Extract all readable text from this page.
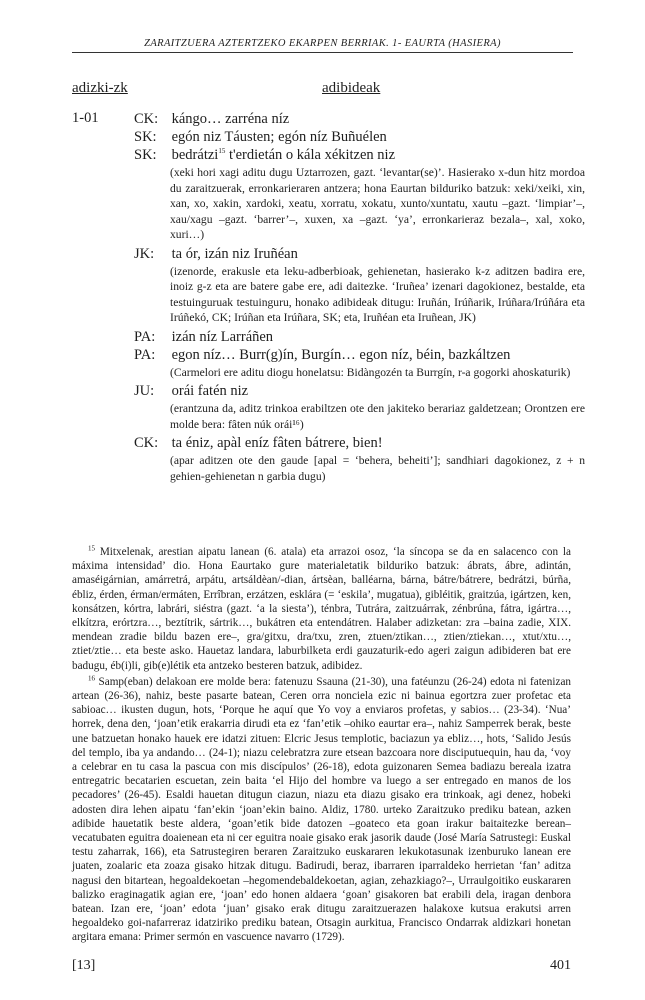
ZARAITZUERA AZTERTZEKO EKARPEN BERRIAK. 1- EAURTA (HASIERA)
adizki-zk	adibideak
1-01	CK: kángo… zarréna níz
SK: egón niz Táusten; egón níz Buñuélen
SK: bedrátzi$^{15}$ t'erdietán o kála xékitzen niz
(xeki hori xagi aditu dugu Uztarrozen, gazt. ‘levantar(se)’. Hasierako x-dun hitz mordoa du zaraitzuerak, erronkarieraren antzera; hona Eaurtan bilduriko batzuk: xeki/xeiki, xin, xan, xo, xakin, xardoki, xeatu, xorratu, xokatu, xunto/xuntatu, xautu –gazt. ‘limpiar’–, xau/xagu –gazt. ‘barrer’–, xuxen, xa –gazt. ‘ya’, erronkarieraz bezala–, xal, xoko, xuri…)
JK: ta ór, izán niz Iruñéan
(izenorde, erakusle eta leku-adberbioak, gehienetan, hasierako k-z aditzen badira ere, inoiz g-z eta are batere gabe ere, adi daitezke. ‘Iruñea’ izenari dagokionez, bestalde, eta testuinguruak testuinguru, honako adibideak ditugu: Iruñán, Irúñarik, Irúñara/Irúñára eta Irúñekó, CK; Irúñan eta Irúñara, SK; eta, Iruñéan eta Iruñean, JK)
PA: izán níz Larráñen
PA: egon níz… Burr(g)ín, Burgín… egon níz, béin, bazkáltzen
(Carmelori ere aditu diogu honelatsu: Bidàngozén ta Burrgín, r-a gogorki ahoskaturik)
JU: orái fatén niz
(erantzuna da, aditz trinkoa erabiltzen ote den jakiteko berariaz galdetzean; Orontzen ere molde bera: fâten núk orái¹⁶)
CK: ta éniz, apàl eníz fâten bátrere, bien!
(apar aditzen ote den gaude [apal = ‘behera, beheiti’]; sandhiari dagokionez, z + n gehien-gehienetan n garbia dugu)

$^{15}$ Mitxelenak, arestian aipatu lanean (6. atala) eta arrazoi osoz, ‘la síncopa se da en salacenco con la máxima intensidad’ dio. Hona Eaurtako gure materialetatik bilduriko batzuk: ábrats, ábre, adintán, amaséigárnian, amárretrá, arpátu, artsáldèan/-dian, ártsèan, balléarna, bárna, bátre/bátrere, bedrátzi, búrña, ébliz, érden, érman/ermáten, Errîbran, erzátzen, esklára (= ‘eskila’, mugatua), gibléitik, graitzúa, igártzen, ken, konsátzen, kórtra, labrári, siéstra (gazt. ‘a la siesta’), ténbra, Tutrára, zaitzuárrak, zénbrúna, fátra, igártra…, elkítzra, erórtzra…, beztítrik, sártrik…, bukátren eta entendátren. Halaber adizketan: zra –baina zadie, XIX. mendean zradie bildu bazen ere–, gra/gitxu, dra/txu, zren, ztuen/ztikan…, ztien/ztiekan…, xtut/xtu…, ztiet/ztie… eta beste asko. Hauetaz landara, laburbilketa erdi gauzaturik-edo ageri zaigun adibideren bat ere badugu, éb(i)li, gib(e)létik eta antzeko besteren batzuk, adibidez.

$^{16}$ Samp(eban) delakoan ere molde bera: fatenuzu Ssauna (21-30), una fatéunzu (26-24) edota ni fatenizan artean (26-36), nahiz, beste pasarte batean, Ceren orra nonciela ezic ni bainua egortzra zuer profetac eta sabioac… ikusten dugun, hots, ‘Porque he aquí que Yo voy a enviaros profetas, y sabios… (23-34). ‘Nua’ horrek, dena den, ‘joan’etik erakarria dirudi eta ez ‘fan’etik –ohiko eaurtar era–, nahiz Samperrek berak, beste une batzuetan honako hauek ere idatzi zituen: Elcric Jesus templotic, baciazun ya ebliz…, hots, ‘Salido Jesús del templo, iba ya andando… (24-1); niazu celebratzra zure etsean bazcoara nore disciputuequin, hau da, ‘voy a celebrar en tu casa la pascua con mis discípulos’ (26-18), edota guizonaren Semea badiazu bereala izatra entregatric becatarien escuetan, zein baita ‘el Hijo del hombre va luego a ser entregado en manos de los pecadores’ (26-45). Esaldi hauetan ditugun ciazun, niazu eta diazu gisako era trinkoak, agi denez, hobeki adosten dira lehen aipatu ‘fan’ekin ‘joan’ekin baino. Aldiz, 1780. urteko Zaraitzuko prediku batean, azken adibide hauetatik beste aldera, ‘goan’etik bide datozen –goateco eta goan irakur baitaitezke berean– vecatubaten eguitra doaienean eta ni cer eguitra noaie gisako erak jasorik daude (José María Satrustegi: Euskal testu zaharrak, 166), eta Satrustegiren beraren Zaraitzuko euskararen lekukotasunak izenburuko lanean ere juaten, zoalaric eta zoaza gisako hitzak ditugu. Badirudi, beraz, ibarraren iparraldeko herrietan ‘fan’ aditza nagusi den bitartean, hegoaldekoetan –hegomendebaldekoetan, agian, zehazkiago?–, Urraulgoitiko euskararen balizko eraginagatik agian ere, ‘joan’ edo honen aldaera ‘goan’ gisakoren bat erabili dela, iragan denbora batean. Izan ere, ‘joan’ edota ‘juan’ gisako erak ditugu zaraitzuerazen halakoxe kutsua erakutsi arren hegoaldeko goi-nafarreraz idatziriko prediku batean, Otsagin aurkitua, Francisco Ondarrak aldizkari honetan argitara emana: Primer sermón en vascuence navarro (1729).

[13]	401
